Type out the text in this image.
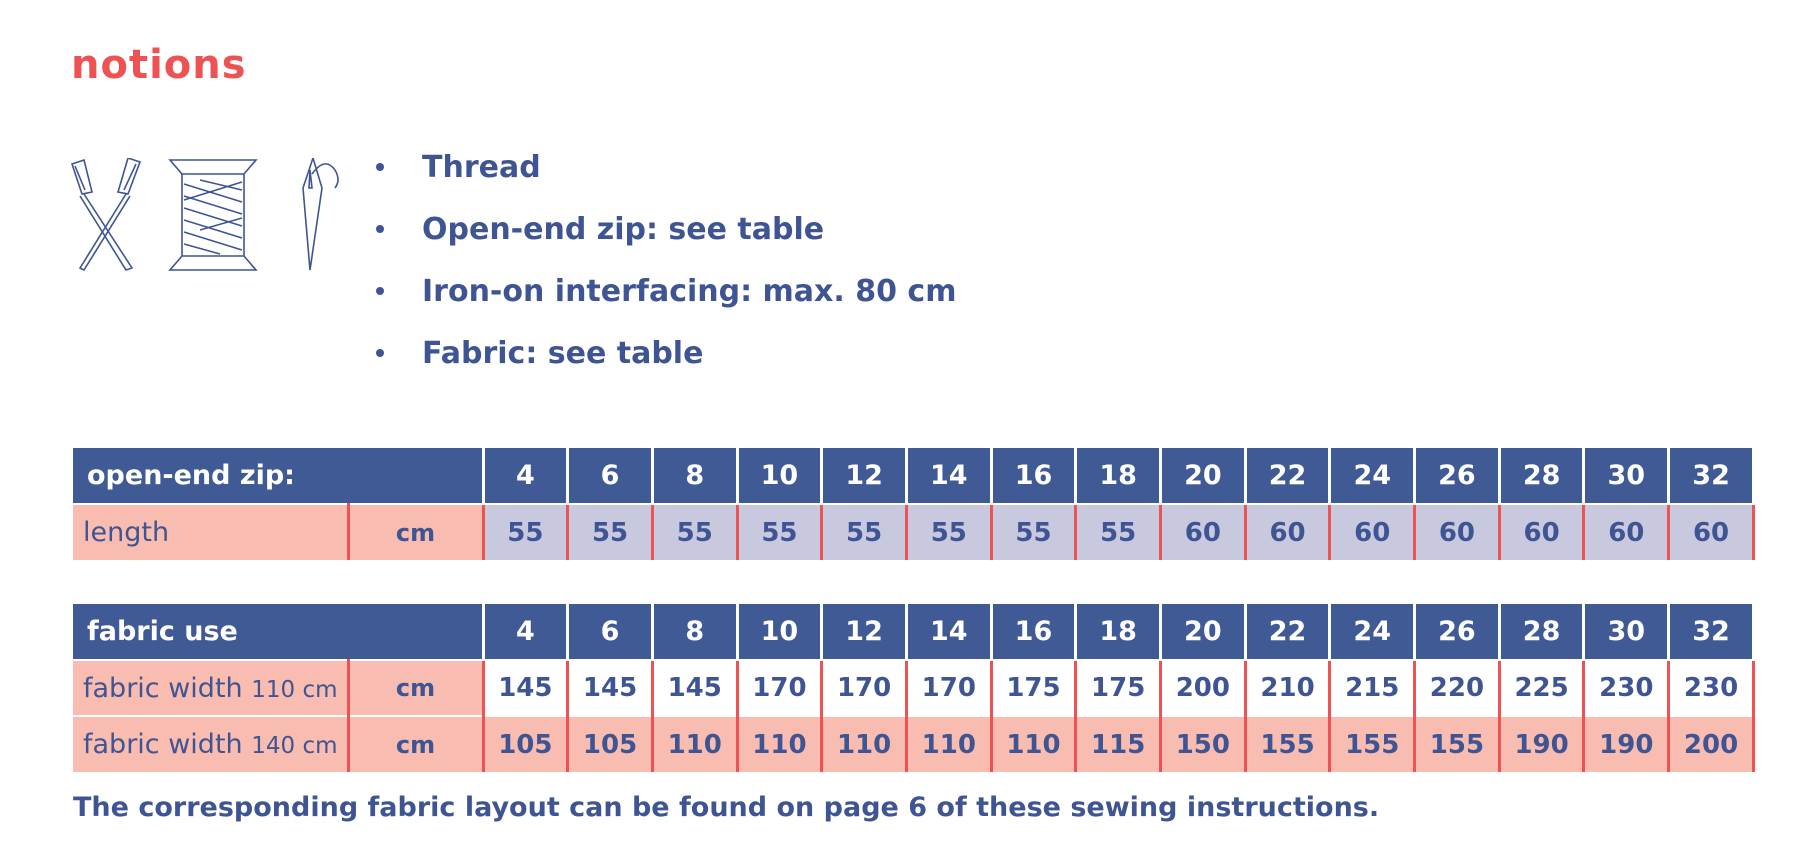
notions
Thread
Open-end zip: see table
Iron-on interfacing: max. 80 cm
Fabric: see table
open-end zip:		4	6	8	10	12	14	16	18	20	22	24	26	28	30	32
length	cm	55	55	55	55	55	55	55	55	60	60	60	60	60	60	60
fabric use		4	6	8	10	12	14	16	18	20	22	24	26	28	30	32
fabric width 110 cm	cm	145	145	145	170	170	170	175	175	200	210	215	220	225	230	230
fabric width 140 cm	cm	105	105	110	110	110	110	110	115	150	155	155	155	190	190	200
The corresponding fabric layout can be found on page 6 of these sewing instructions.
